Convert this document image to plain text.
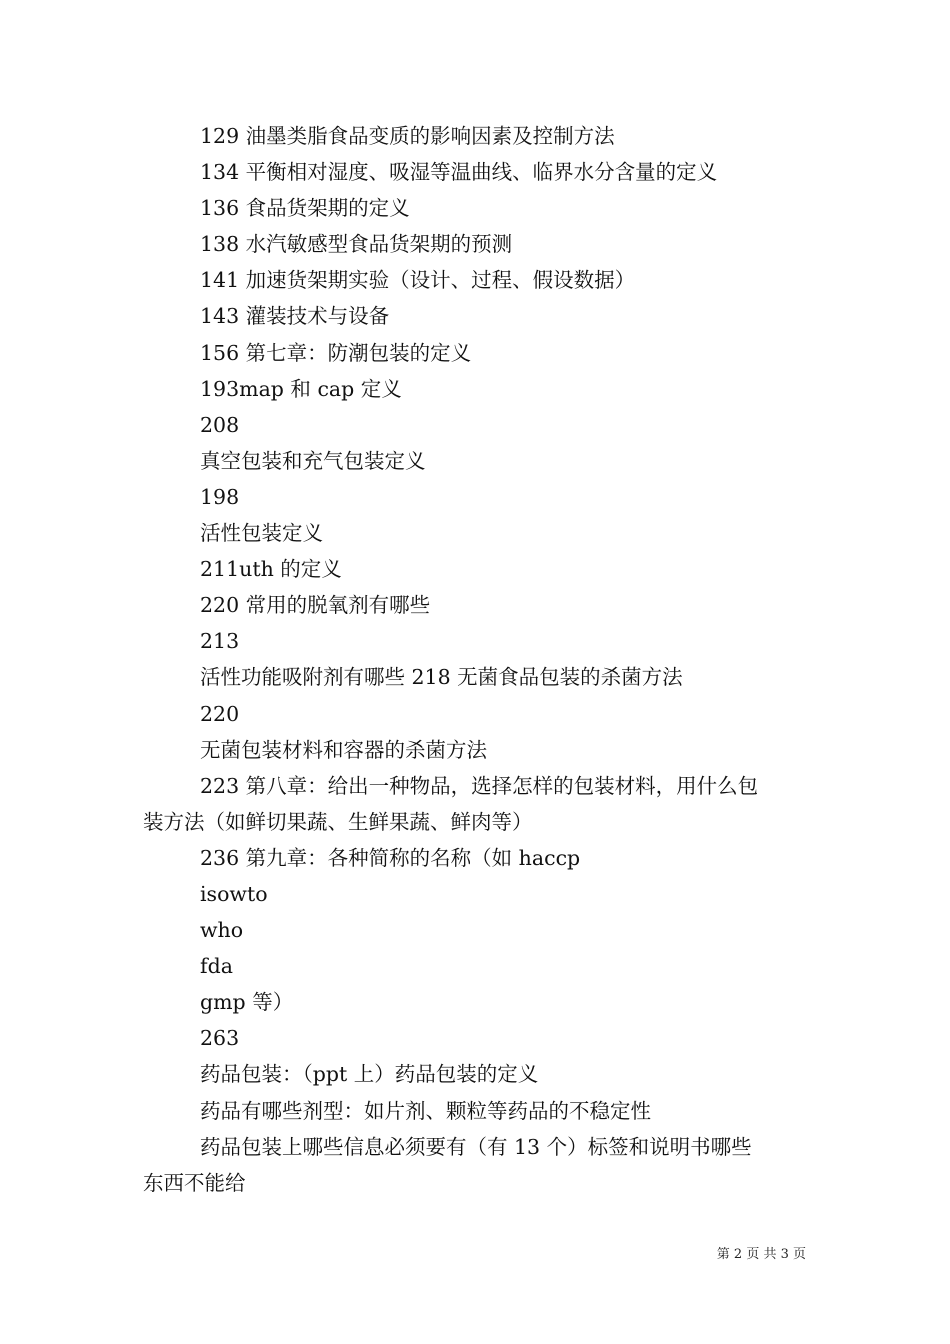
129 油墨类脂食品变质的影响因素及控制方法
134 平衡相对湿度、吸湿等温曲线、临界水分含量的定义
136 食品货架期的定义
138 水汽敏感型食品货架期的预测
141 加速货架期实验（设计、过程、假设数据）
143 灌装技术与设备
156 第七章：防潮包装的定义
193map 和 cap 定义
208
真空包装和充气包装定义
198
活性包装定义
211uth 的定义
220 常用的脱氧剂有哪些
213
活性功能吸附剂有哪些 218 无菌食品包装的杀菌方法
220
无菌包装材料和容器的杀菌方法
223 第八章：给出一种物品，选择怎样的包装材料，用什么包
装方法（如鲜切果蔬、生鲜果蔬、鲜肉等）
236 第九章：各种简称的名称（如 haccp
isowto
who
fda
gmp 等）
263
药品包装：（ppt 上）药品包装的定义
药品有哪些剂型：如片剂、颗粒等药品的不稳定性
药品包装上哪些信息必须要有（有 13 个）标签和说明书哪些
东西不能给
第 2 页 共 3 页
